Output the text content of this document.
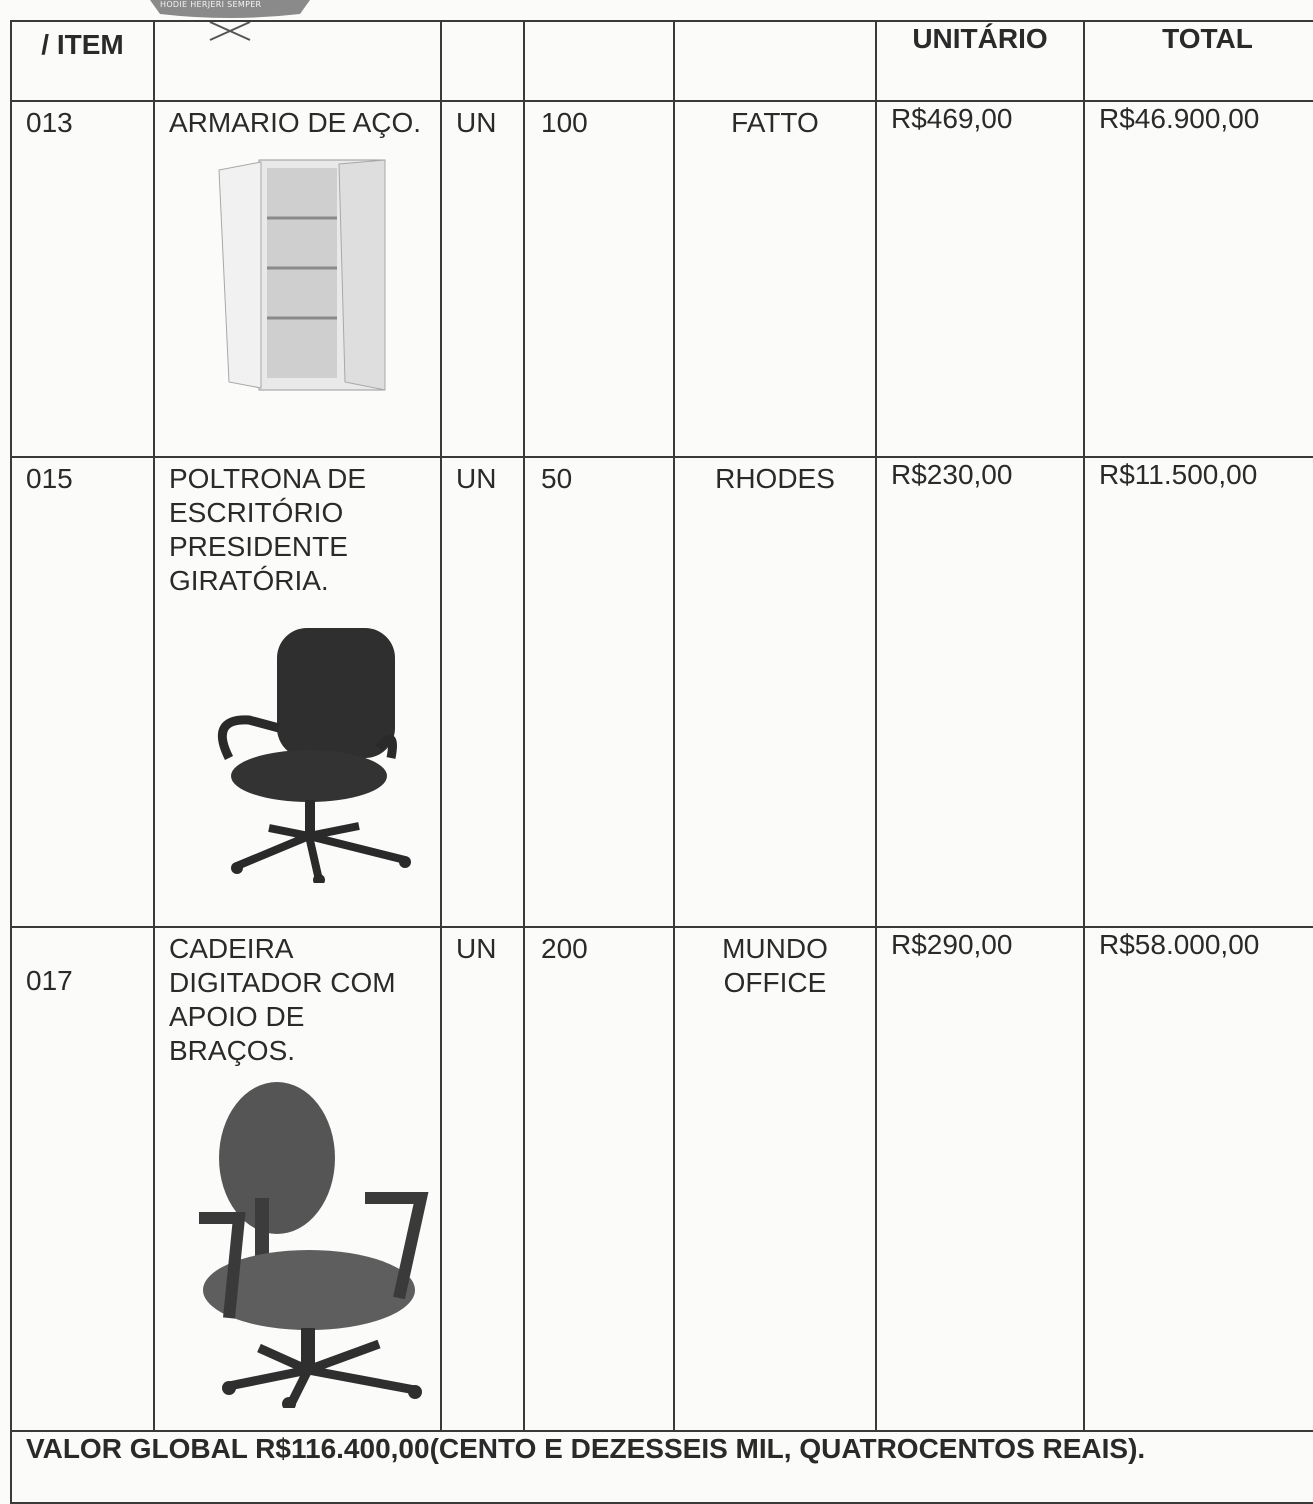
HODIE HERJERI SEMPER
/ ITEM					UNITÁRIO	TOTAL
013	ARMARIO DE AÇO.	UN	100	FATTO	R$469,00	R$46.900,00
015	POLTRONA DE ESCRITÓRIO PRESIDENTE GIRATÓRIA.	UN	50	RHODES	R$230,00	R$11.500,00
017	CADEIRA DIGITADOR COM APOIO DE BRAÇOS.	UN	200	MUNDO OFFICE	R$290,00	R$58.000,00
VALOR GLOBAL R$116.400,00(CENTO E DEZESSEIS MIL, QUATROCENTOS REAIS).						
